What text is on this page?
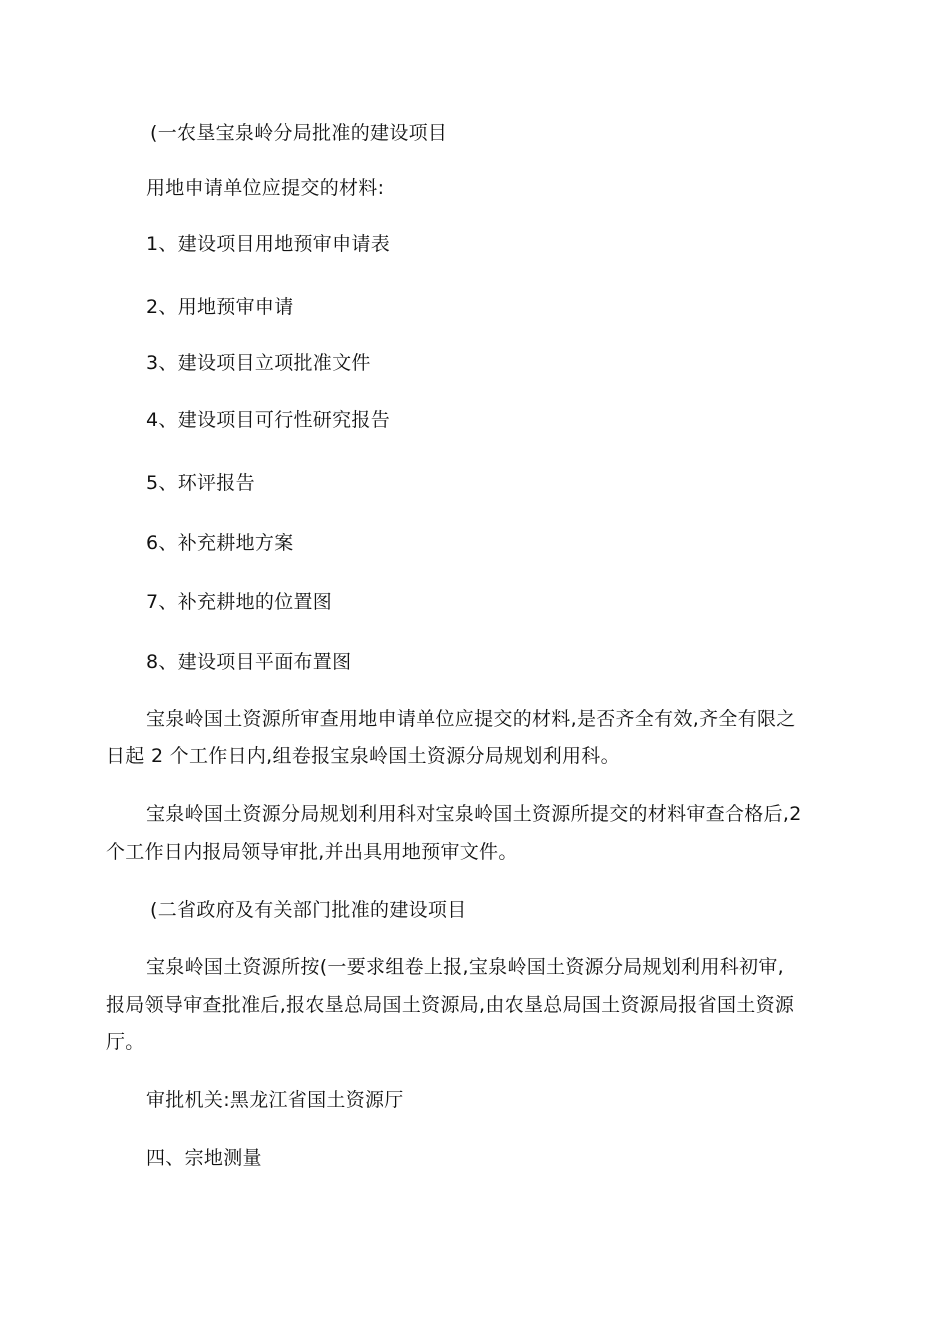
(一农垦宝泉岭分局批准的建设项目
用地申请单位应提交的材料:
1、建设项目用地预审申请表
2、用地预审申请
3、建设项目立项批准文件
4、建设项目可行性研究报告
5、环评报告
6、补充耕地方案
7、补充耕地的位置图
8、建设项目平面布置图
宝泉岭国土资源所审查用地申请单位应提交的材料,是否齐全有效,齐全有限之
日起 2 个工作日内,组卷报宝泉岭国土资源分局规划利用科。
宝泉岭国土资源分局规划利用科对宝泉岭国土资源所提交的材料审查合格后,2
个工作日内报局领导审批,并出具用地预审文件。
(二省政府及有关部门批准的建设项目
宝泉岭国土资源所按(一要求组卷上报,宝泉岭国土资源分局规划利用科初审,
报局领导审查批准后,报农垦总局国土资源局,由农垦总局国土资源局报省国土资源
厅。
审批机关:黑龙江省国土资源厅
四、宗地测量
